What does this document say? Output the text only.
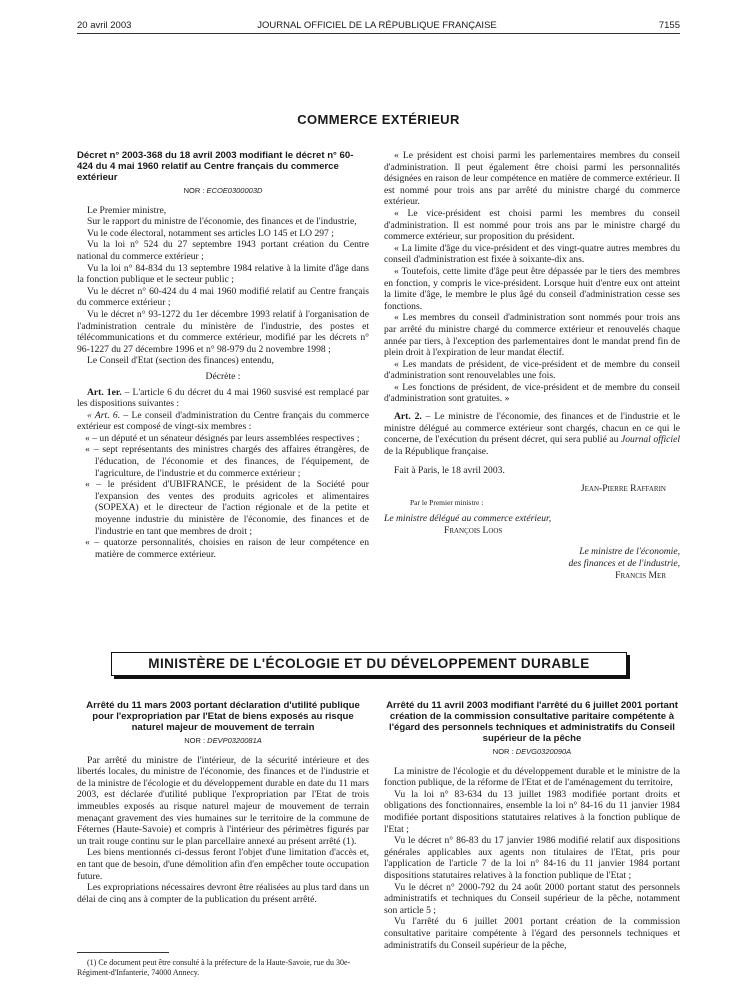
20 avril 2003	JOURNAL OFFICIEL DE LA RÉPUBLIQUE FRANÇAISE	7155
COMMERCE EXTÉRIEUR
Décret n° 2003-368 du 18 avril 2003 modifiant le décret n° 60-424 du 4 mai 1960 relatif au Centre français du commerce extérieur
NOR : ECOE0300003D

Le Premier ministre,

Sur le rapport du ministre de l'économie, des finances et de l'industrie,

Vu le code électoral, notamment ses articles LO 145 et LO 297 ;

Vu la loi n° 524 du 27 septembre 1943 portant création du Centre national du commerce extérieur ;

Vu la loi n° 84-834 du 13 septembre 1984 relative à la limite d'âge dans la fonction publique et le secteur public ;

Vu le décret n° 60-424 du 4 mai 1960 modifié relatif au Centre français du commerce extérieur ;

Vu le décret n° 93-1272 du 1er décembre 1993 relatif à l'organisation de l'administration centrale du ministère de l'industrie, des postes et télécommunications et du commerce extérieur, modifié par les décrets n° 96-1227 du 27 décembre 1996 et n° 98-979 du 2 novembre 1998 ;

Le Conseil d'Etat (section des finances) entendu,

Décrète :

Art. 1er. – L'article 6 du décret du 4 mai 1960 susvisé est remplacé par les dispositions suivantes :

« Art. 6. – Le conseil d'administration du Centre français du commerce extérieur est composé de vingt-six membres :

« – un député et un sénateur désignés par leurs assemblées respectives ;

« – sept représentants des ministres chargés des affaires étrangères, de l'éducation, de l'économie et des finances, de l'équipement, de l'agriculture, de l'industrie et du commerce extérieur ;

« – le président d'UBIFRANCE, le président de la Société pour l'expansion des ventes des produits agricoles et alimentaires (SOPEXA) et le directeur de l'action régionale et de la petite et moyenne industrie du ministère de l'économie, des finances et de l'industrie en tant que membres de droit ;

« – quatorze personnalités, choisies en raison de leur compétence en matière de commerce extérieur.

« Le président est choisi parmi les parlementaires membres du conseil d'administration. Il peut également être choisi parmi les personnalités désignées en raison de leur compétence en matière de commerce extérieur. Il est nommé pour trois ans par arrêté du ministre chargé du commerce extérieur.

« Le vice-président est choisi parmi les membres du conseil d'administration. Il est nommé pour trois ans par le ministre chargé du commerce extérieur, sur proposition du président.

« La limite d'âge du vice-président et des vingt-quatre autres membres du conseil d'administration est fixée à soixante-dix ans.

« Toutefois, cette limite d'âge peut être dépassée par le tiers des membres en fonction, y compris le vice-président. Lorsque huit d'entre eux ont atteint la limite d'âge, le membre le plus âgé du conseil d'administration cesse ses fonctions.

« Les membres du conseil d'administration sont nommés pour trois ans par arrêté du ministre chargé du commerce extérieur et renouvelés chaque année par tiers, à l'exception des parlementaires dont le mandat prend fin de plein droit à l'expiration de leur mandat électif.

« Les mandats de président, de vice-président et de membre du conseil d'administration sont renouvelables une fois.

« Les fonctions de président, de vice-président et de membre du conseil d'administration sont gratuites. »

Art. 2. – Le ministre de l'économie, des finances et de l'industrie et le ministre délégué au commerce extérieur sont chargés, chacun en ce qui le concerne, de l'exécution du présent décret, qui sera publié au Journal officiel de la République française.

Fait à Paris, le 18 avril 2003.

Jean-Pierre Raffarin
Par le Premier ministre :
Le ministre délégué au commerce extérieur,
François Loos
Le ministre de l'économie,
des finances et de l'industrie,
Francis Mer
MINISTÈRE DE L'ÉCOLOGIE ET DU DÉVELOPPEMENT DURABLE
Arrêté du 11 mars 2003 portant déclaration d'utilité publique pour l'expropriation par l'Etat de biens exposés au risque naturel majeur de mouvement de terrain
NOR : DEVP0320081A

Par arrêté du ministre de l'intérieur, de la sécurité intérieure et des libertés locales, du ministre de l'économie, des finances et de l'industrie et de la ministre de l'écologie et du développement durable en date du 11 mars 2003, est déclarée d'utilité publique l'expropriation par l'Etat de trois immeubles exposés au risque naturel majeur de mouvement de terrain menaçant gravement des vies humaines sur le territoire de la commune de Féternes (Haute-Savoie) et compris à l'intérieur des périmètres figurés par un trait rouge continu sur le plan parcellaire annexé au présent arrêté (1).

Les biens mentionnés ci-dessus feront l'objet d'une limitation d'accès et, en tant que de besoin, d'une démolition afin d'en empêcher toute occupation future.

Les expropriations nécessaires devront être réalisées au plus tard dans un délai de cinq ans à compter de la publication du présent arrêté.

(1) Ce document peut être consulté à la préfecture de la Haute-Savoie, rue du 30e-Régiment-d'Infanterie, 74000 Annecy.

Arrêté du 11 avril 2003 modifiant l'arrêté du 6 juillet 2001 portant création de la commission consultative paritaire compétente à l'égard des personnels techniques et administratifs du Conseil supérieur de la pêche
NOR : DEVG0320090A

La ministre de l'écologie et du développement durable et le ministre de la fonction publique, de la réforme de l'Etat et de l'aménagement du territoire,

Vu la loi n° 83-634 du 13 juillet 1983 modifiée portant droits et obligations des fonctionnaires, ensemble la loi n° 84-16 du 11 janvier 1984 modifiée portant dispositions statutaires relatives à la fonction publique de l'Etat ;

Vu le décret n° 86-83 du 17 janvier 1986 modifié relatif aux dispositions générales applicables aux agents non titulaires de l'Etat, pris pour l'application de l'article 7 de la loi n° 84-16 du 11 janvier 1984 portant dispositions statutaires relatives à la fonction publique de l'Etat ;

Vu le décret n° 2000-792 du 24 août 2000 portant statut des personnels administratifs et techniques du Conseil supérieur de la pêche, notamment son article 5 ;

Vu l'arrêté du 6 juillet 2001 portant création de la commission consultative paritaire compétente à l'égard des personnels techniques et administratifs du Conseil supérieur de la pêche,
